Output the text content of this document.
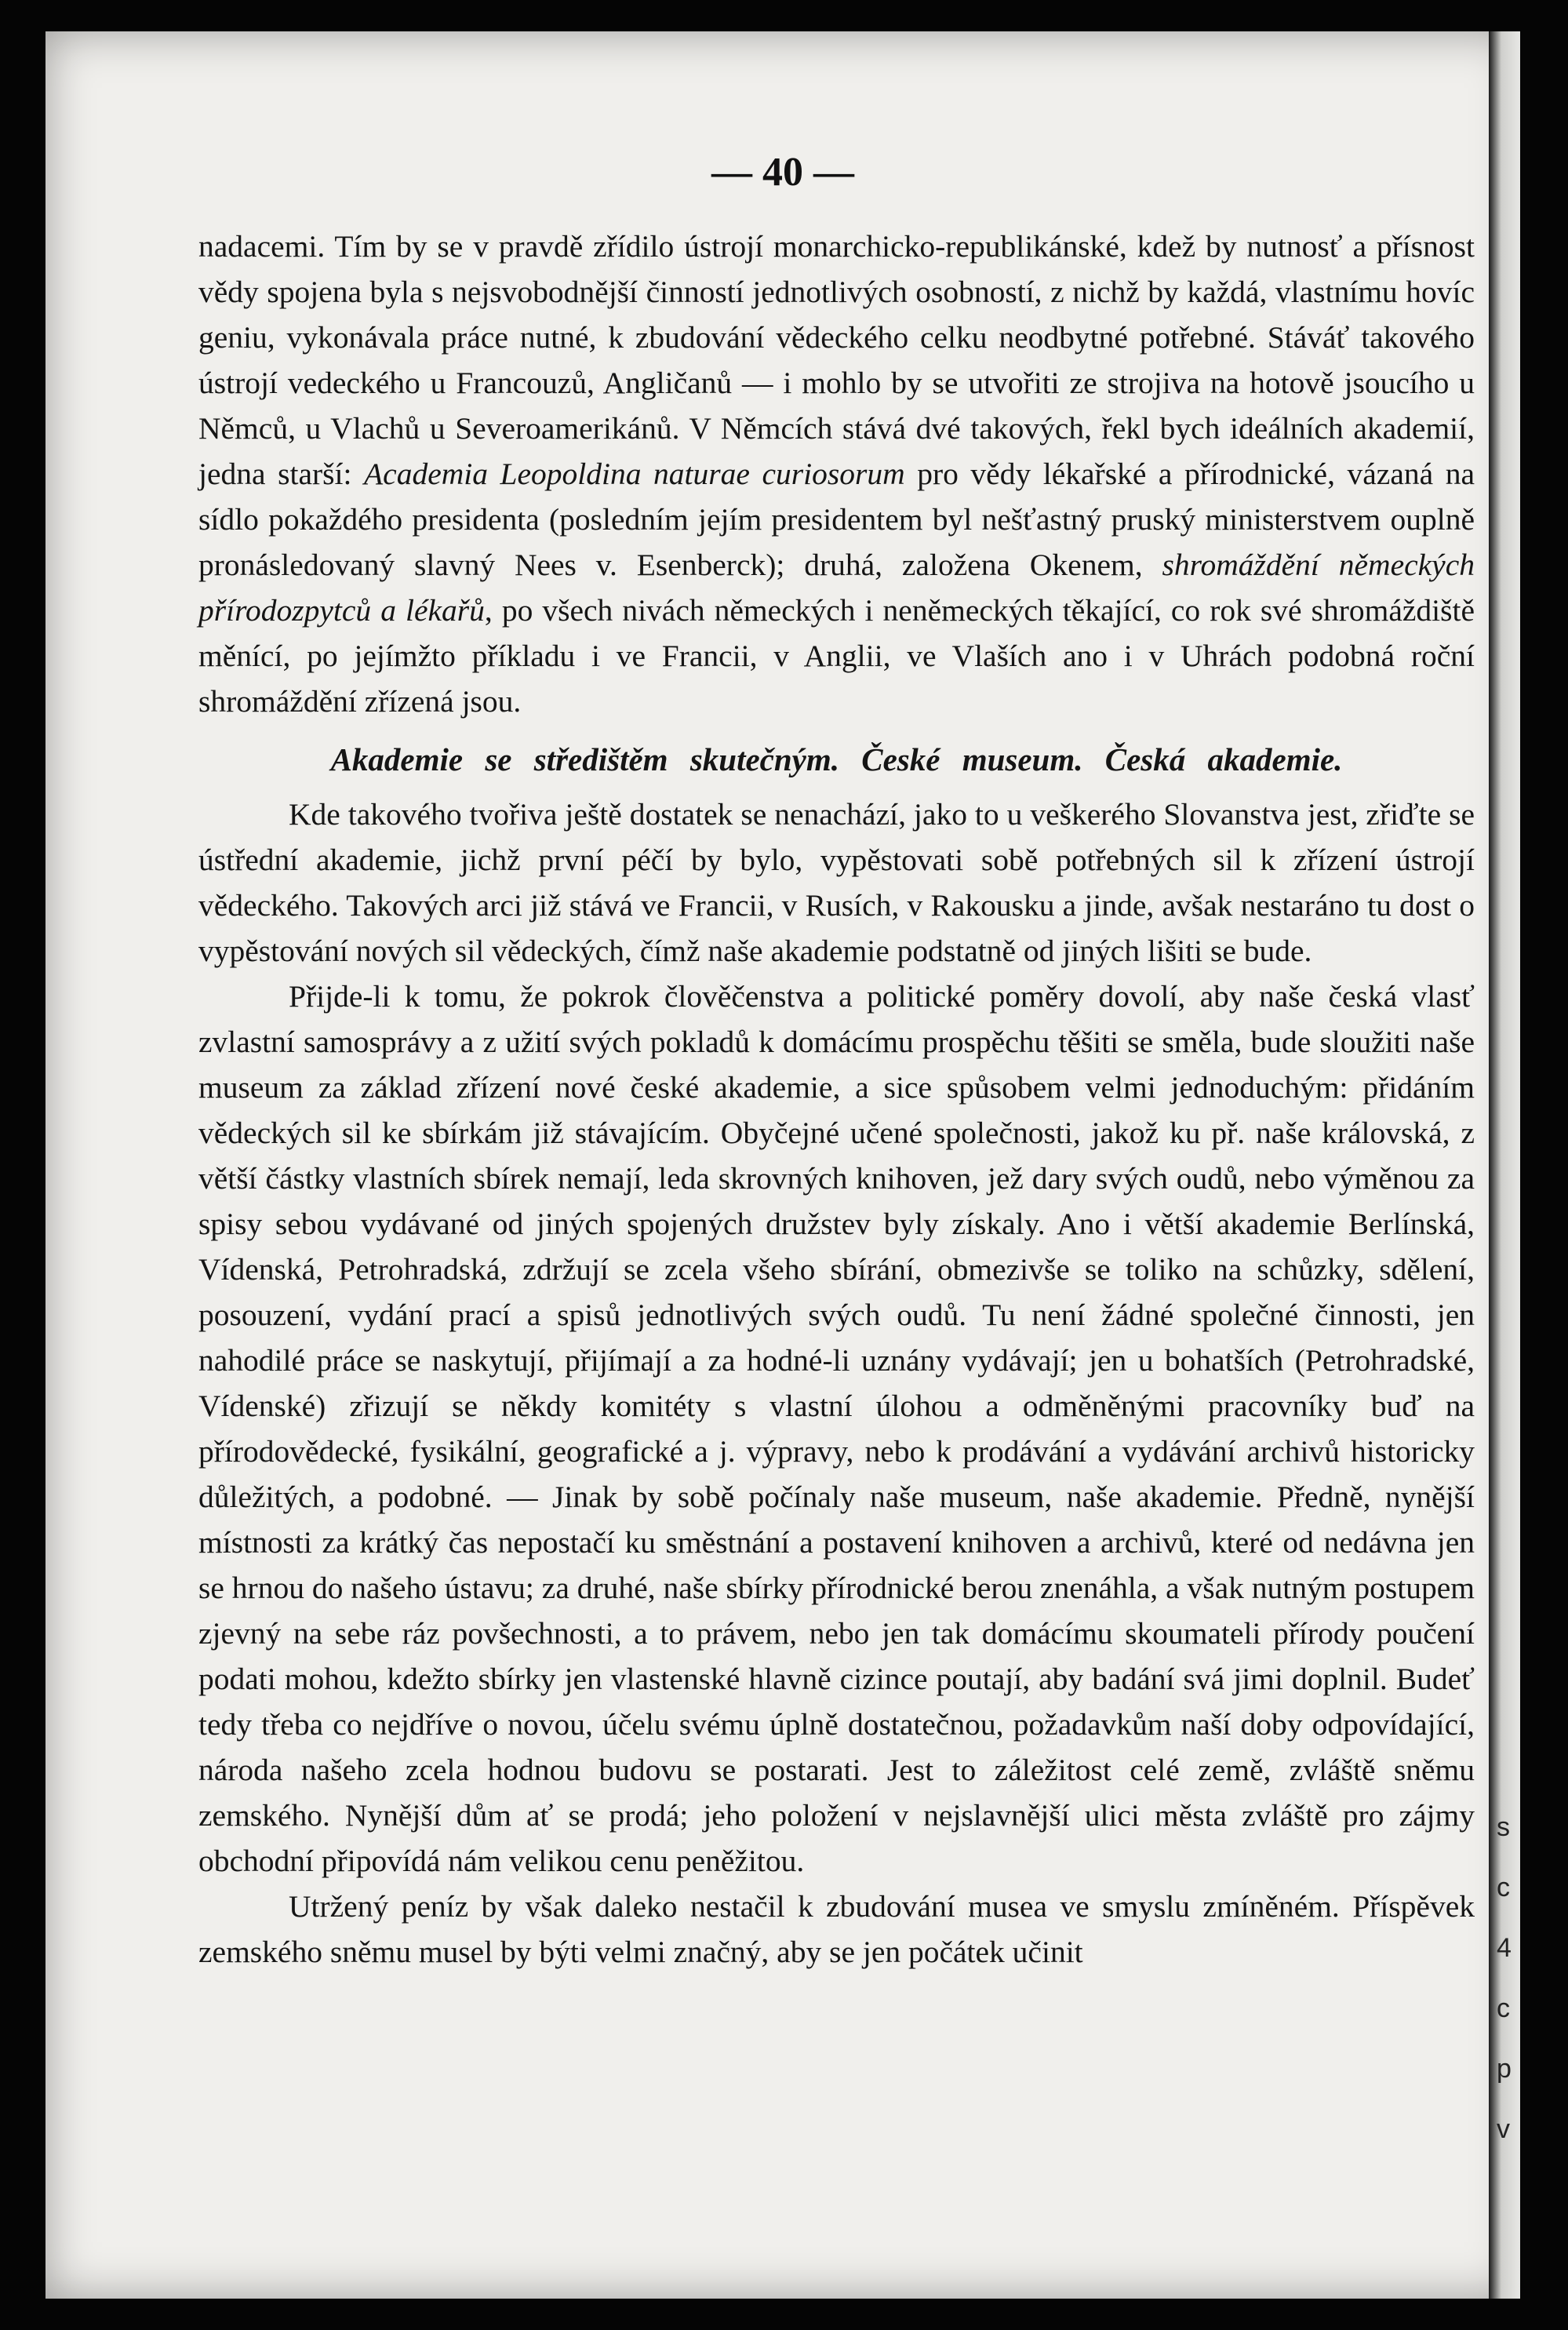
s
c
4
c
p
v
— 40 —

nadacemi. Tím by se v pravdě zřídilo ústrojí monarchicko-republikánské, kdež by nutnosť a přísnost vědy spojena byla s nejsvobodnější činností jednotlivých osobností, z nichž by každá, vlastnímu hovíc geniu, vykonávala práce nutné, k zbudování vědeckého celku neodbytné potřebné. Stáváť takového ústrojí vedeckého u Francouzů, Angličanů — i mohlo by se utvořiti ze strojiva na hotově jsoucího u Němců, u Vlachů u Severoamerikánů. V Němcích stává dvé takových, řekl bych ideálních akademií, jedna starší: Academia Leopoldina naturae curiosorum pro vědy lékařské a přírodnické, vázaná na sídlo pokaždého presidenta (posledním jejím presidentem byl nešťastný pruský ministerstvem ouplně pronásledovaný slavný Nees v. Esenberck); druhá, založena Okenem, shromáždění německých přírodozpytců a lékařů, po všech nivách německých i neněmeckých těkající, co rok své shromáždiště měnící, po jejímžto příkladu i ve Francii, v Anglii, ve Vlaších ano i v Uhrách podobná roční shromáždění zřízená jsou.

Akademie se středištěm skutečným. České museum. Česká akademie.

Kde takového tvořiva ještě dostatek se nenachází, jako to u veškerého Slovanstva jest, zřiďte se ústřední akademie, jichž první péčí by bylo, vypěstovati sobě potřebných sil k zřízení ústrojí vědeckého. Takových arci již stává ve Francii, v Rusích, v Rakousku a jinde, avšak nestaráno tu dost o vypěstování nových sil vědeckých, čímž naše akademie podstatně od jiných lišiti se bude.

Přijde-li k tomu, že pokrok člověčenstva a politické poměry dovolí, aby naše česká vlasť zvlastní samosprávy a z užití svých pokladů k domácímu prospěchu těšiti se směla, bude sloužiti naše museum za základ zřízení nové české akademie, a sice spůsobem velmi jednoduchým: přidáním vědeckých sil ke sbírkám již stávajícím. Obyčejné učené společnosti, jakož ku př. naše královská, z větší částky vlastních sbírek nemají, leda skrovných knihoven, jež dary svých oudů, nebo výměnou za spisy sebou vydávané od jiných spojených družstev byly získaly. Ano i větší akademie Berlínská, Vídenská, Petrohradská, zdržují se zcela všeho sbírání, obmezivše se toliko na schůzky, sdělení, posouzení, vydání prací a spisů jednotlivých svých oudů. Tu není žádné společné činnosti, jen nahodilé práce se naskytují, přijímají a za hodné-li uznány vydávají; jen u bohatších (Petrohradské, Vídenské) zřizují se někdy komitéty s vlastní úlohou a odměněnými pracovníky buď na přírodovědecké, fysikální, geografické a j. výpravy, nebo k prodávání a vydávání archivů historicky důležitých, a podobné. — Jinak by sobě počínaly naše museum, naše akademie. Předně, nynější místnosti za krátký čas nepostačí ku směstnání a postavení knihoven a archivů, které od nedávna jen se hrnou do našeho ústavu; za druhé, naše sbírky přírodnické berou znenáhla, a však nutným postupem zjevný na sebe ráz povšechnosti, a to právem, nebo jen tak domácímu skoumateli přírody poučení podati mohou, kdežto sbírky jen vlastenské hlavně cizince poutají, aby badání svá jimi doplnil. Budeť tedy třeba co nejdříve o novou, účelu svému úplně dostatečnou, požadavkům naší doby odpovídající, národa našeho zcela hodnou budovu se postarati. Jest to záležitost celé země, zvláště sněmu zemského. Nynější dům ať se prodá; jeho položení v nejslavnější ulici města zvláště pro zájmy obchodní připovídá nám velikou cenu peněžitou.

Utržený peníz by však daleko nestačil k zbudování musea ve smyslu zmíněném. Příspěvek zemského sněmu musel by býti velmi značný, aby se jen počátek učinit
